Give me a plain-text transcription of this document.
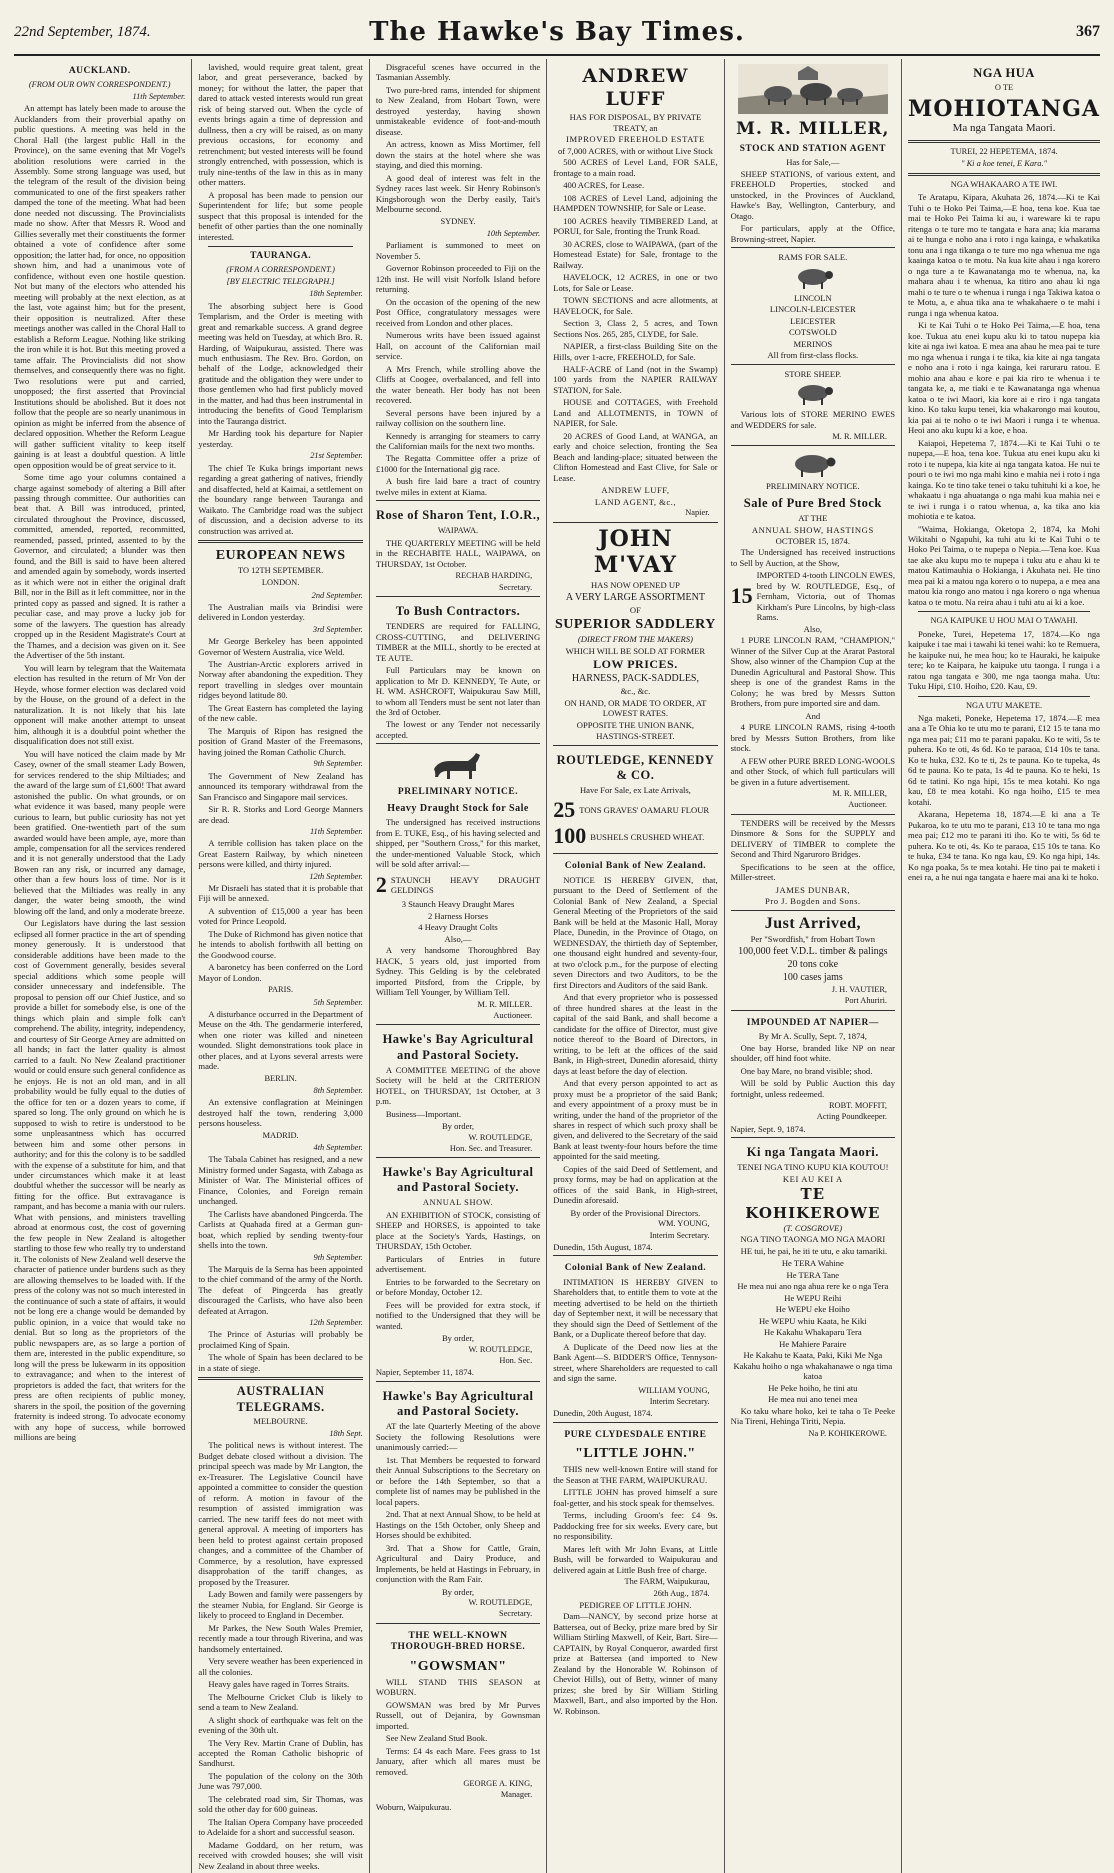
22nd September, 1874.	The Hawke's Bay Times.	367
AUCKLAND.
(FROM OUR OWN CORRESPONDENT.)
11th September.

An attempt has lately been made to arouse the Aucklanders from their proverbial apathy on public questions. A meeting was held in the Choral Hall (the largest public Hall in the Province), on the same evening that Mr Vogel's abolition resolutions were carried in the Assembly. Some strong language was used, but the telegram of the result of the division being communicated to one of the first speakers rather damped the tone of the meeting. What had been done needed not discussing. The Provincialists made no show. After that Messrs R. Wood and Gillies severally met their constituents the former obtained a vote of confidence after some opposition; the latter had, for once, no opposition shown him, and had a unanimous vote of confidence, without even one hostile question. Not but many of the electors who attended his meeting will probably at the next election, as at the last, vote against him; but for the present, their opposition is neutralized. After these meetings another was called in the Choral Hall to establish a Reform League. Nothing like striking the iron while it is hot. But this meeting proved a tame affair. The Provincialists did not show themselves, and consequently there was no fight. Two resolutions were put and carried, unopposed; the first asserted that Provincial Institutions should be abolished. But it does not follow that the people are so nearly unanimous in opinion as might be inferred from the absence of declared opposition. Whether the Reform League will gather sufficient vitality to keep itself gaining is at least a doubtful question. A little open opposition would be of great service to it.

Some time ago your columns contained a charge against somebody of altering a Bill after passing through committee. Our authorities can beat that. A Bill was introduced, printed, circulated throughout the Province, discussed, committed, amended, reported, recommitted, reamended, passed, printed, assented to by the Governor, and circulated; a blunder was then found, and the Bill is said to have been altered and amended again by somebody, words inserted as it which were not in either the original draft Bill, nor in the Bill as it left committee, nor in the printed copy as passed and signed. It is rather a peculiar case, and may prove a lucky job for some of the lawyers. The question has already cropped up in the Resident Magistrate's Court at the Thames, and a decision was given on it. See the Advertiser of the 5th instant.

You will learn by telegram that the Waitemata election has resulted in the return of Mr Von der Heyde, whose former election was declared void by the House, on the ground of a defect in the naturalization. It is not likely that his late opponent will make another attempt to unseat him, although it is a doubtful point whether the disqualification does not still exist.

You will have noticed the claim made by Mr Casey, owner of the small steamer Lady Bowen, for services rendered to the ship Miltiades; and the award of the large sum of £1,600! That award astonished the public. On what grounds, or on what evidence it was based, many people were curious to learn, but public curiosity has not yet been gratified. One-twentieth part of the sum awarded would have been ample, aye, more than ample, compensation for all the services rendered and it is not generally understood that the Lady Bowen ran any risk, or incurred any damage, other than a few hours loss of time. Nor is it believed that the Miltiades was really in any danger, the water being smooth, the wind blowing off the land, and only a moderate breeze.

Our Legislators have during the last session eclipsed all former practice in the art of spending money generously. It is understood that considerable additions have been made to the cost of Government generally, besides several special additions which some people will consider unnecessary and indefensible. The proposal to pension off our Chief Justice, and so provide a billet for somebody else, is one of the things which plain and simple folk can't comprehend. The ability, integrity, independency, and courtesy of Sir George Arney are admitted on all hands; in fact the latter quality is almost carried to a fault. No New Zealand practitioner would or could ensure such general confidence as he enjoys. He is not an old man, and in all probability would be fully equal to the duties of the office for ten or a dozen years to come, if spared so long. The only ground on which he is supposed to wish to retire is understood to be some unpleasantness which has occurred between him and some other persons in authority; and for this the colony is to be saddled with the expense of a substitute for him, and that under circumstances which make it at least doubtful whether the successor will be nearly as fitting for the office. But extravagance is rampant, and has become a mania with our rulers. What with pensions, and ministers travelling abroad at enormous cost, the cost of governing the few people in New Zealand is altogether startling to those few who really try to understand it. The colonists of New Zealand well deserve the character of patience under burdens such as they are allowing themselves to be loaded with. If the press of the colony was not so much interested in the continuance of such a state of affairs, it would not be long ere a change would be demanded by public opinion, in a voice that would take no denial. But so long as the proprietors of the public newspapers are, as so large a portion of them are, interested in the public expenditure, so long will the press be lukewarm in its opposition to extravagance; and when to the interest of proprietors is added the fact, that writers for the press are often recipients of public money, sharers in the spoil, the position of the governing fraternity is indeed strong. To advocate economy with any hope of success, while borrowed millions are being

lavished, would require great talent, great labor, and great perseverance, backed by money; for without the latter, the paper that dared to attack vested interests would run great risk of being starved out. When the cycle of events brings again a time of depression and dullness, then a cry will be raised, as on many previous occasions, for economy and retrenchment; but vested interests will be found strongly entrenched, with possession, which is truly nine-tenths of the law in this as in many other matters.

A proposal has been made to pension our Superintendent for life; but some people suspect that this proposal is intended for the benefit of other parties than the one nominally interested.

TAURANGA.
(FROM A CORRESPONDENT.)
[BY ELECTRIC TELEGRAPH.]
18th September.

The absorbing subject here is Good Templarism, and the Order is meeting with great and remarkable success. A grand degree meeting was held on Tuesday, at which Bro. R. Harding, of Waipukurau, assisted. There was much enthusiasm. The Rev. Bro. Gordon, on behalf of the Lodge, acknowledged their gratitude and the obligation they were under to those gentlemen who had first publicly moved in the matter, and had thus been instrumental in introducing the benefits of Good Templarism into the Tauranga district.

Mr Harding took his departure for Napier yesterday.

21st September.

The chief Te Kuka brings important news regarding a great gathering of natives, friendly and disaffected, held at Kaimai, a settlement on the boundary range between Tauranga and Waikato. The Cambridge road was the subject of discussion, and a decision adverse to its construction was arrived at.

EUROPEAN NEWS
TO 12TH SEPTEMBER.
LONDON.
2nd September.

The Australian mails via Brindisi were delivered in London yesterday.

3rd September.

Mr George Berkeley has been appointed Governor of Western Australia, vice Weld.

The Austrian-Arctic explorers arrived in Norway after abandoning the expedition. They report travelling in sledges over mountain ridges beyond latitude 80.

The Great Eastern has completed the laying of the new cable.

The Marquis of Ripon has resigned the position of Grand Master of the Freemasons, having joined the Roman Catholic Church.

9th September.

The Government of New Zealand has announced its temporary withdrawal from the San Francisco and Singapore mail services.

Sir R. R. Storks and Lord George Manners are dead.

11th September.

A terrible collision has taken place on the Great Eastern Railway, by which nineteen persons were killed, and thirty injured.

12th September.

Mr Disraeli has stated that it is probable that Fiji will be annexed.

A subvention of £15,000 a year has been voted for Prince Leopold.

The Duke of Richmond has given notice that he intends to abolish forthwith all betting on the Goodwood course.

A baronetcy has been conferred on the Lord Mayor of London.

PARIS.
5th September.

A disturbance occurred in the Department of Meuse on the 4th. The gendarmerie interfered, when one rioter was killed and nineteen wounded. Slight demonstrations took place in other places, and at Lyons several arrests were made.

BERLIN.
8th September.

An extensive conflagration at Meiningen destroyed half the town, rendering 3,000 persons houseless.

MADRID.
4th September.

The Tabala Cabinet has resigned, and a new Ministry formed under Sagasta, with Zabaga as Minister of War. The Ministerial offices of Finance, Colonies, and Foreign remain unchanged.

The Carlists have abandoned Pingcerda. The Carlists at Quahada fired at a German gun-boat, which replied by sending twenty-four shells into the town.

9th September.

The Marquis de la Serna has been appointed to the chief command of the army of the North. The defeat of Pingcerda has greatly discouraged the Carlists, who have also been defeated at Arragon.

12th September.

The Prince of Asturias will probably be proclaimed King of Spain.

The whole of Spain has been declared to be in a state of siege.

AUSTRALIAN TELEGRAMS.
MELBOURNE.
18th Sept.

The political news is without interest. The Budget debate closed without a division. The principal speech was made by Mr Langton, the ex-Treasurer. The Legislative Council have appointed a committee to consider the question of reform. A motion in favour of the resumption of assisted immigration was carried. The new tariff fees do not meet with general approval. A meeting of importers has been held to protest against certain proposed changes, and a committee of the Chamber of Commerce, by a resolution, have expressed disapprobation of the tariff changes, as proposed by the Treasurer.

Lady Bowen and family were passengers by the steamer Nubia, for England. Sir George is likely to proceed to England in December.

Mr Parkes, the New South Wales Premier, recently made a tour through Riverina, and was handsomely entertained.

Very severe weather has been experienced in all the colonies.

Heavy gales have raged in Torres Straits.

The Melbourne Cricket Club is likely to send a team to New Zealand.

A slight shock of earthquake was felt on the evening of the 30th ult.

The Very Rev. Martin Crane of Dublin, has accepted the Roman Catholic bishopric of Sandhurst.

The population of the colony on the 30th June was 797,000.

The celebrated road sim, Sir Thomas, was sold the other day for 600 guineas.

The Italian Opera Company have proceeded to Adelaide for a short and successful season.

Madame Goddard, on her return, was received with crowded houses; she will visit New Zealand in about three weeks.

Disgraceful scenes have occurred in the Tasmanian Assembly.

Two pure-bred rams, intended for shipment to New Zealand, from Hobart Town, were destroyed yesterday, having shown unmistakeable evidence of foot-and-mouth disease.

An actress, known as Miss Mortimer, fell down the stairs at the hotel where she was staying, and died this morning.

A good deal of interest was felt in the Sydney races last week. Sir Henry Robinson's Kingsborough won the Derby easily, Tait's Melbourne second.

SYDNEY.
10th September.

Parliament is summoned to meet on November 5.

Governor Robinson proceeded to Fiji on the 12th inst. He will visit Norfolk Island before returning.

On the occasion of the opening of the new Post Office, congratulatory messages were received from London and other places.

Numerous writs have been issued against Hall, on account of the Californian mail service.

A Mrs French, while strolling above the Cliffs at Coogee, overbalanced, and fell into the water beneath. Her body has not been recovered.

Several persons have been injured by a railway collision on the southern line.

Kennedy is arranging for steamers to carry the Californian mails for the next two months.

The Regatta Committee offer a prize of £1000 for the International gig race.

A bush fire laid bare a tract of country twelve miles in extent at Kiama.

Rose of Sharon Tent, I.O.R.,
WAIPAWA.

THE QUARTERLY MEETING will be held in the RECHABITE HALL, WAIPAWA, on THURSDAY, 1st October.

RECHAB HARDING,
Secretary.
To Bush Contractors.

TENDERS are required for FALLING, CROSS-CUTTING, and DELIVERING TIMBER at the MILL, shortly to be erected at TE AUTE.

Full Particulars may be known on application to Mr D. KENNEDY, Te Aute, or H. WM. ASHCROFT, Waipukurau Saw Mill, to whom all Tenders must be sent not later than the 3rd of October.

The lowest or any Tender not necessarily accepted.

PRELIMINARY NOTICE.
Heavy Draught Stock for Sale

The undersigned has received instructions from E. TUKE, Esq., of his having selected and shipped, per "Southern Cross," for this market, the under-mentioned Valuable Stock, which will be sold after arrival:—

2 STAUNCH HEAVY DRAUGHT GELDINGS
3 Staunch Heavy Draught Mares
2 Harness Horses
4 Heavy Draught Colts
Also,—

A very handsome Thoroughbred Bay HACK, 5 years old, just imported from Sydney. This Gelding is by the celebrated imported Pitsford, from the Cripple, by William Tell Younger, by William Tell.

M. R. MILLER.
Auctioneer.
Hawke's Bay Agricultural and Pastoral Society.

A COMMITTEE MEETING of the above Society will be held at the CRITERION HOTEL, on THURSDAY, 1st October, at 3 p.m.

Business—Important.

By order,
W. ROUTLEDGE,
Hon. Sec. and Treasurer.
Hawke's Bay Agricultural and Pastoral Society.
ANNUAL SHOW.

AN EXHIBITION of STOCK, consisting of SHEEP and HORSES, is appointed to take place at the Society's Yards, Hastings, on THURSDAY, 15th October.

Particulars of Entries in future advertisement.

Entries to be forwarded to the Secretary on or before Monday, October 12.

Fees will be provided for extra stock, if notified to the Undersigned that they will be wanted.

By order,
W. ROUTLEDGE,
Hon. Sec.
Napier, September 11, 1874.
Hawke's Bay Agricultural and Pastoral Society.

AT the late Quarterly Meeting of the above Society the following Resolutions were unanimously carried:—

1st. That Members be requested to forward their Annual Subscriptions to the Secretary on or before the 14th September, so that a complete list of names may be published in the local papers.

2nd. That at next Annual Show, to be held at Hastings on the 15th October, only Sheep and Horses should be exhibited.

3rd. That a Show for Cattle, Grain, Agricultural and Dairy Produce, and Implements, be held at Hastings in February, in conjunction with the Ram Fair.

By order,
W. ROUTLEDGE,
Secretary.
THE WELL-KNOWN THOROUGH-BRED HORSE.
"GOWSMAN"

WILL STAND THIS SEASON at WOBURN.

GOWSMAN was bred by Mr Purves Russell, out of Dejanira, by Gownsman imported.

See New Zealand Stud Book.

Terms: £4 4s each Mare. Fees grass to 1st January, after which all mares must be removed.

GEORGE A. KING,
Manager.
Woburn, Waipukurau.
ANDREW LUFF
HAS FOR DISPOSAL, BY PRIVATE TREATY, an
IMPROVED FREEHOLD ESTATE
of 7,000 ACRES, with or without Live Stock

500 ACRES of Level Land, FOR SALE, frontage to a main road.

400 ACRES, for Lease.

108 ACRES of Level Land, adjoining the HAMPDEN TOWNSHIP, for Sale or Lease.

100 ACRES heavily TIMBERED Land, at PORUI, for Sale, fronting the Trunk Road.

30 ACRES, close to WAIPAWA, (part of the Homestead Estate) for Sale, frontage to the Railway.

HAVELOCK, 12 ACRES, in one or two Lots, for Sale or Lease.

TOWN SECTIONS and acre allotments, at HAVELOCK, for Sale.

Section 3, Class 2, 5 acres, and Town Sections Nos. 265, 285, CLYDE, for Sale.

NAPIER, a first-class Building Site on the Hills, over 1-acre, FREEHOLD, for Sale.

HALF-ACRE of Land (not in the Swamp) 100 yards from the NAPIER RAILWAY STATION, for Sale.

HOUSE and COTTAGES, with Freehold Land and ALLOTMENTS, in TOWN of NAPIER, for Sale.

20 ACRES of Good Land, at WANGA, an early and choice selection, fronting the Sea Beach and landing-place; situated between the Clifton Homestead and East Clive, for Sale or Lease.

ANDREW LUFF,
LAND AGENT, &c.,
Napier.
JOHN M'VAY
HAS NOW OPENED UP
A VERY LARGE ASSORTMENT
OF
SUPERIOR SADDLERY
(DIRECT FROM THE MAKERS)
WHICH WILL BE SOLD AT FORMER
LOW PRICES.
HARNESS, PACK-SADDLES,
&c., &c.
ON HAND, OR MADE TO ORDER, AT LOWEST RATES.
OPPOSITE THE UNION BANK,
HASTINGS-STREET.
ROUTLEDGE, KENNEDY & CO.
Have For Sale, ex Late Arrivals,
25 TONS GRAVES' OAMARU FLOUR
100 BUSHELS CRUSHED WHEAT.
Colonial Bank of New Zealand.

NOTICE IS HEREBY GIVEN, that, pursuant to the Deed of Settlement of the Colonial Bank of New Zealand, a Special General Meeting of the Proprietors of the said Bank will be held at the Masonic Hall, Moray Place, Dunedin, in the Province of Otago, on WEDNESDAY, the thirtieth day of September, one thousand eight hundred and seventy-four, at two o'clock p.m., for the purpose of electing seven Directors and two Auditors, to be the first Directors and Auditors of the said Bank.

And that every proprietor who is possessed of three hundred shares at the least in the capital of the said Bank, and shall become a candidate for the office of Director, must give notice thereof to the Board of Directors, in writing, to be left at the offices of the said Bank, in High-street, Dunedin aforesaid, thirty days at least before the day of election.

And that every person appointed to act as proxy must be a proprietor of the said Bank; and every appointment of a proxy must be in writing, under the hand of the proprietor of the shares in respect of which such proxy shall be given, and delivered to the Secretary of the said Bank at least twenty-four hours before the time appointed for the said meeting.

Copies of the said Deed of Settlement, and proxy forms, may be had on application at the offices of the said Bank, in High-street, Dunedin aforesaid.

By order of the Provisional Directors.
WM. YOUNG,
Interim Secretary.
Dunedin, 15th August, 1874.
Colonial Bank of New Zealand.

INTIMATION IS HEREBY GIVEN to Shareholders that, to entitle them to vote at the meeting advertised to be held on the thirtieth day of September next, it will be necessary that they should sign the Deed of Settlement of the Bank, or a Duplicate thereof before that day.

A Duplicate of the Deed now lies at the Bank Agent—S. BIDDER'S Office, Tennyson-street, where Shareholders are requested to call and sign the same.

WILLIAM YOUNG,
Interim Secretary.
Dunedin, 20th August, 1874.
PURE CLYDESDALE ENTIRE
"LITTLE JOHN."

THIS new well-known Entire will stand for the Season at THE FARM, WAIPUKURAU.

LITTLE JOHN has proved himself a sure foal-getter, and his stock speak for themselves.

Terms, including Groom's fee: £4 9s. Paddocking free for six weeks. Every care, but no responsibility.

Mares left with Mr John Evans, at Little Bush, will be forwarded to Waipukurau and delivered again at Little Bush free of charge.

The FARM, Waipukurau,
26th Aug., 1874.
PEDIGREE OF LITTLE JOHN.

Dam—NANCY, by second prize horse at Battersea, out of Becky, prize mare bred by Sir William Stirling Maxwell, of Keir, Bart. Sire—CAPTAIN, by Royal Conqueror, awarded first prize at Battersea (and imported to New Zealand by the Honorable W. Robinson of Cheviot Hills), out of Betty, winner of many prizes; she bred by Sir William Stirling Maxwell, Bart., and also imported by the Hon. W. Robinson.

M. R. MILLER,
STOCK AND STATION AGENT
Has for Sale,—

SHEEP STATIONS, of various extent, and FREEHOLD Properties, stocked and unstocked, in the Provinces of Auckland, Hawke's Bay, Wellington, Canterbury, and Otago.

For particulars, apply at the Office, Browning-street, Napier.

RAMS FOR SALE.
LINCOLN
LINCOLN-LEICESTER
LEICESTER
COTSWOLD
MERINOS
All from first-class flocks.
STORE SHEEP.

Various lots of STORE MERINO EWES and WEDDERS for sale.

M. R. MILLER.
PRELIMINARY NOTICE.
Sale of Pure Bred Stock
AT THE
ANNUAL SHOW, HASTINGS
OCTOBER 15, 1874.

The Undersigned has received instructions to Sell by Auction, at the Show,

15
IMPORTED 4-tooth LINCOLN EWES, bred by W. ROUTLEDGE, Esq., of Fernham, Victoria, out of Thomas Kirkham's Pure Lincolns, by high-class Rams.
Also,

1 PURE LINCOLN RAM, "CHAMPION," Winner of the Silver Cup at the Ararat Pastoral Show, also winner of the Champion Cup at the Dunedin Agricultural and Pastoral Show. This sheep is one of the grandest Rams in the Colony; he was bred by Messrs Sutton Brothers, from pure imported sire and dam.

And

4 PURE LINCOLN RAMS, rising 4-tooth bred by Messrs Sutton Brothers, from like stock.

A FEW other PURE BRED LONG-WOOLS and other Stock, of which full particulars will be given in a future advertisement.

M. R. MILLER,
Auctioneer.

TENDERS will be received by the Messrs Dinsmore & Sons for the SUPPLY and DELIVERY of TIMBER to complete the Second and Third Ngaruroro Bridges.

Specifications to be seen at the office, Miller-street.

JAMES DUNBAR,
Pro J. Bogden and Sons.
Just Arrived,
Per "Swordfish," from Hobart Town
100,000 feet V.D.L. timber & palings
20 tons coke
100 cases jams
J. H. VAUTIER,
Port Ahuriri.
IMPOUNDED AT NAPIER—
By Mr A. Scully, Sept. 7, 1874,

One bay Horse, branded like NP on near shoulder, off hind foot white.

One bay Mare, no brand visible; shod.

Will be sold by Public Auction this day fortnight, unless redeemed.

ROBT. MOFFIT,
Acting Poundkeeper.
Napier, Sept. 9, 1874.
Ki nga Tangata Maori.
TENEI NGA TINO KUPU KIA KOUTOU!
KEI AU KEI A
TE KOHIKEROWE
(T. COSGROVE)
NGA TINO TAONGA MO NGA MAORI

HE tui, he pai, he iti te utu, e aku tamariki.

He TERA Wahine
He TERA Tane
He mea nui ano nga ahua rere ke o nga Tera
He WEPU Reihi
He WEPU eke Hoiho
He WEPU whiu Kaata, he Kiki
He Kakahu Whakaparu Tera
He Mahiere Paraire
He Kakahu te Kaata, Paki, Kiki Me Nga Kakahu hoiho o nga whakahanawe o nga tima katoa
He Peke hoiho, he tini atu
He mea nui ano tenei mea

Ko taku whare hoko, kei te taha o Te Peeke Nia Tireni, Hehinga Tiriti, Nepia.

Na P. KOHIKEROWE.
NGA HUA
O TE
MOHIOTANGA
Ma nga Tangata Maori.
TUREI, 22 HEPETEMA, 1874.
" Ki a koe tenei, E Kara."
NGA WHAKAARO A TE IWI.

Te Aratapu, Kipara, Akuhata 26, 1874.—Ki te Kai Tuhi o te Hoko Pei Taima,—E hoa, tena koe. Kua tae mai te Hoko Pei Taima ki au, i wareware ki te rapu ritenga o te ture mo te tangata e hara ana; kia marama ai te hunga e noho ana i roto i nga kainga, e whakatika tonu ana i nga tikanga o te ture mo nga whenua me nga kaainga katoa o te motu. Na kua kite ahau i nga korero o nga ture a te Kawanatanga mo te whenua, na, ka mahara ahau i te whenua, ka titiro ano ahau ki nga mahi o te ture o te whenua i runga i nga Takiwa katoa o te Motu, a, e ahua tika ana te whakahaere o te mahi i runga i nga whenua katoa.

Ki te Kai Tuhi o te Hoko Pei Taima,—E hoa, tena koe. Tukua atu enei kupu aku ki to tatou nupepa kia kite ai nga iwi katoa. E mea ana ahau he mea pai te ture mo nga whenua i runga i te tika, kia kite ai nga tangata e noho ana i roto i nga kainga, kei raruraru ratou. E mohio ana ahau e kore e pai kia riro te whenua i te tangata ke, a, me tiaki e te Kawanatanga nga whenua katoa o te iwi Maori, kia kore ai e riro i nga tangata kino. Ko taku kupu tenei, kia whakarongo mai koutou, kia pai ai te noho o te iwi Maori i runga i te whenua. Heoi ano aku kupu ki a koe, e hoa.

Kaiapoi, Hepetema 7, 1874.—Ki te Kai Tuhi o te nupepa,—E hoa, tena koe. Tukua atu enei kupu aku ki roto i te nupepa, kia kite ai nga tangata katoa. He nui te pouri o te iwi mo nga mahi kino e mahia nei i roto i nga kainga. Ko te tino take tenei o taku tuhituhi ki a koe, he whakaatu i nga ahuatanga o nga mahi kua mahia nei e te iwi i runga i o ratou whenua, a, ka tika ano kia mohiotia e te katoa.

"Waima, Hokianga, Oketopa 2, 1874, ka Mohi Wikitahi o Ngapuhi, ka tuhi atu ki te Kai Tuhi o te Hoko Pei Taima, o te nupepa o Nepia.—Tena koe. Kua tae ake aku kupu mo te nupepa i tuku atu e ahau ki te matou Katimauhia o Hokianga, i Akuhata nei. He tino mea pai ki a matou nga korero o to nupepa, a e mea ana matou kia rongo ano matou i nga korero o nga whenua katoa o te motu. Na reira ahau i tuhi atu ai ki a koe.

NGA KAIPUKE U HOU MAI O TAWAHI.

Poneke, Turei, Hepetema 17, 1874.—Ko nga kaipuke i tae mai i tawahi ki tenei wahi: ko te Remuera, he kaipuke nui, he mea hou; ko te Hauraki, he kaipuke tere; ko te Kaipara, he kaipuke utu taonga. I runga i a ratou nga tangata e 300, me nga taonga maha. Utu: Tuku Hipi, £10. Hoiho, £20. Kau, £9.

NGA UTU MAKETE.

Nga maketi, Poneke, Hepetema 17, 1874.—E mea ana a Te Ohia ko te utu mo te parani, £12 15 te tana mo nga mea pai; £11 mo te parani papaku. Ko te witi, 5s te puhera. Ko te oti, 4s 6d. Ko te paraoa, £14 10s te tana. Ko te huka, £32. Ko te ti, 2s te pauna. Ko te tupeka, 4s 6d te pauna. Ko te pata, 1s 4d te pauna. Ko te heki, 1s 6d te tatini. Ko nga hipi, 15s te mea kotahi. Ko nga kau, £8 te mea kotahi. Ko nga hoiho, £15 te mea kotahi.

Akarana, Hepetema 18, 1874.—E ki ana a Te Pukaroa, ko te utu mo te parani, £13 10 te tana mo nga mea pai; £12 mo te parani iti iho. Ko te witi, 5s 6d te puhera. Ko te oti, 4s. Ko te paraoa, £15 10s te tana. Ko te huka, £34 te tana. Ko nga kau, £9. Ko nga hipi, 14s. Ko nga poaka, 5s te mea kotahi. He tino pai te maketi i enei ra, a he nui nga tangata e haere mai ana ki te hoko.
